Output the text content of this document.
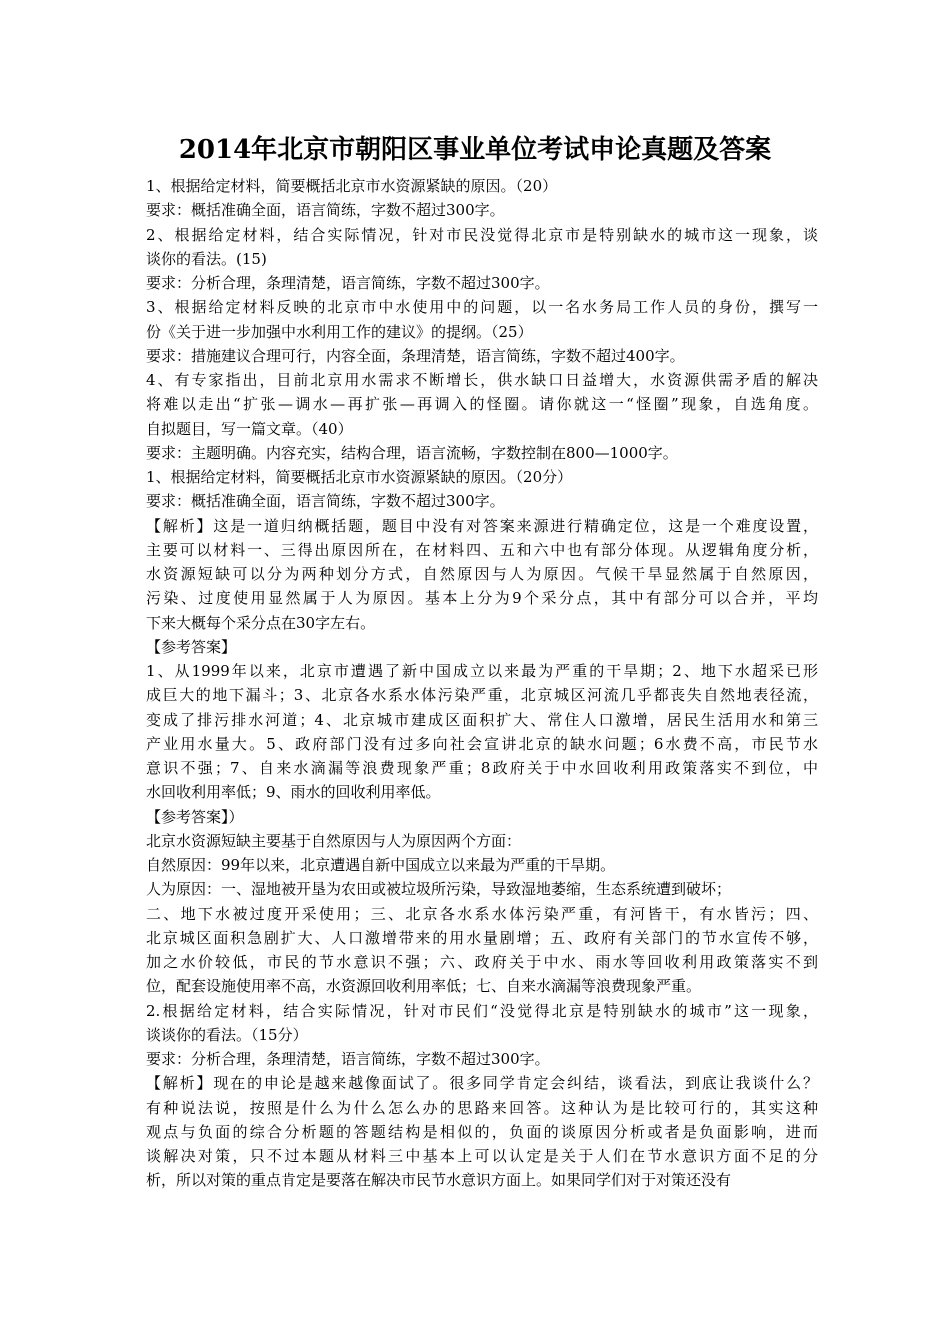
2014年北京市朝阳区事业单位考试申论真题及答案
1、根据给定材料，简要概括北京市水资源紧缺的原因。（20）
要求：概括准确全面，语言简练，字数不超过300字。
2、根据给定材料，结合实际情况，针对市民没觉得北京市是特别缺水的城市这一现象，谈
谈你的看法。(15)
要求：分析合理，条理清楚，语言简练，字数不超过300字。
3、根据给定材料反映的北京市中水使用中的问题，以一名水务局工作人员的身份，撰写一
份《关于进一步加强中水利用工作的建议》的提纲。（25）
要求：措施建议合理可行，内容全面，条理清楚，语言简练，字数不超过400字。
4、有专家指出，目前北京用水需求不断增长，供水缺口日益增大，水资源供需矛盾的解决
将难以走出“扩张—调水—再扩张—再调入的怪圈。请你就这一“怪圈”现象，自选角度。
自拟题目，写一篇文章。（40）
要求：主题明确。内容充实，结构合理，语言流畅，字数控制在800—1000字。
1、根据给定材料，简要概括北京市水资源紧缺的原因。（20分）
要求：概括准确全面，语言简练，字数不超过300字。
【解析】这是一道归纳概括题，题目中没有对答案来源进行精确定位，这是一个难度设置，
主要可以材料一、三得出原因所在，在材料四、五和六中也有部分体现。从逻辑角度分析，
水资源短缺可以分为两种划分方式，自然原因与人为原因。气候干旱显然属于自然原因，
污染、过度使用显然属于人为原因。基本上分为9个采分点，其中有部分可以合并，平均
下来大概每个采分点在30字左右。
【参考答案】
1、从1999年以来，北京市遭遇了新中国成立以来最为严重的干旱期；2、地下水超采已形
成巨大的地下漏斗；3、北京各水系水体污染严重，北京城区河流几乎都丧失自然地表径流，
变成了排污排水河道；4、北京城市建成区面积扩大、常住人口激增，居民生活用水和第三
产业用水量大。5、政府部门没有过多向社会宣讲北京的缺水问题；6水费不高，市民节水
意识不强；7、自来水滴漏等浪费现象严重；8政府关于中水回收利用政策落实不到位，中
水回收利用率低；9、雨水的回收利用率低。
【参考答案】）
北京水资源短缺主要基于自然原因与人为原因两个方面：
自然原因：99年以来，北京遭遇自新中国成立以来最为严重的干旱期。
人为原因：一、湿地被开垦为农田或被垃圾所污染，导致湿地萎缩，生态系统遭到破坏；
二、地下水被过度开采使用；三、北京各水系水体污染严重，有河皆干，有水皆污；四、
北京城区面积急剧扩大、人口激增带来的用水量剧增；五、政府有关部门的节水宣传不够，
加之水价较低，市民的节水意识不强；六、政府关于中水、雨水等回收利用政策落实不到
位，配套设施使用率不高，水资源回收利用率低；七、自来水滴漏等浪费现象严重。
2.根据给定材料，结合实际情况，针对市民们“没觉得北京是特别缺水的城市”这一现象，
谈谈你的看法。（15分）
要求：分析合理，条理清楚，语言简练，字数不超过300字。
【解析】现在的申论是越来越像面试了。很多同学肯定会纠结，谈看法，到底让我谈什么？
有种说法说，按照是什么为什么怎么办的思路来回答。这种认为是比较可行的，其实这种
观点与负面的综合分析题的答题结构是相似的，负面的谈原因分析或者是负面影响，进而
谈解决对策，只不过本题从材料三中基本上可以认定是关于人们在节水意识方面不足的分
析，所以对策的重点肯定是要落在解决市民节水意识方面上。如果同学们对于对策还没有
